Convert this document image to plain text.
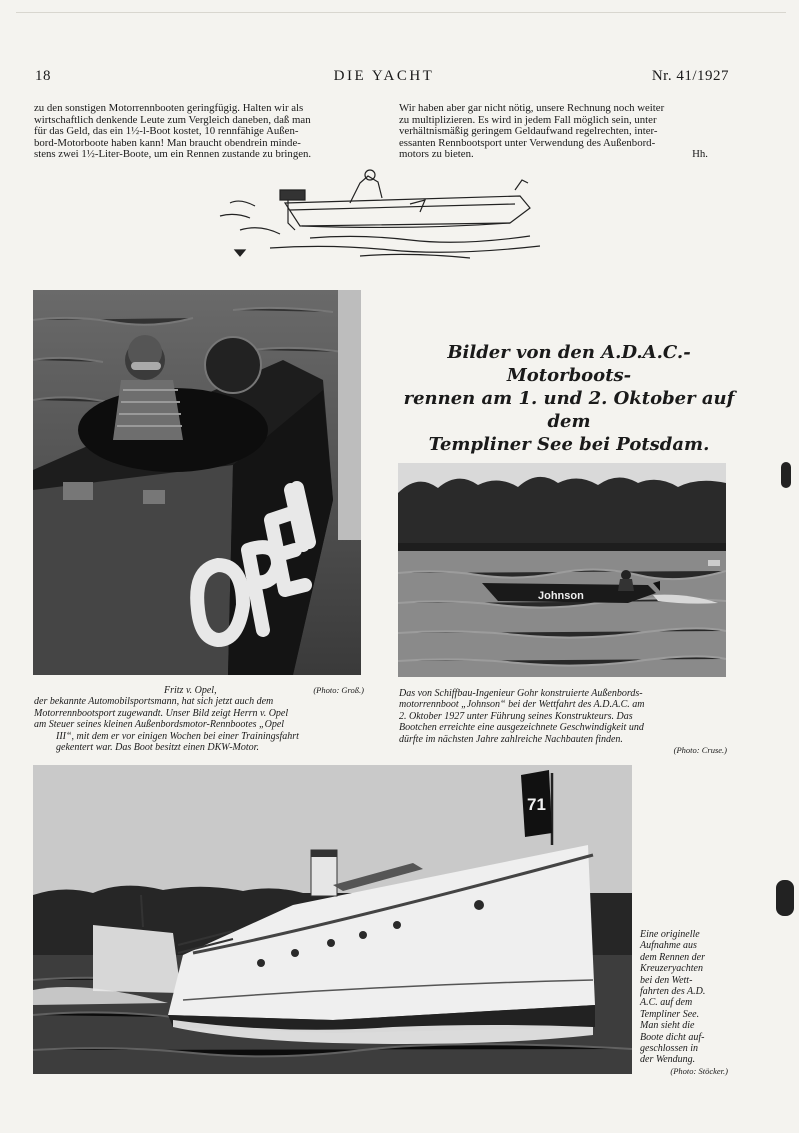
18	DIE YACHT	Nr. 41/1927

zu den sonstigen Motorrennbooten geringfügig. Halten wir als

wirtschaftlich denkende Leute zum Vergleich daneben, daß man

für das Geld, das ein 1½-l-Boot kostet, 10 rennfähige Außen-

bord-Motorboote haben kann! Man braucht obendrein minde-

stens zwei 1½-Liter-Boote, um ein Rennen zustande zu bringen.

Wir haben aber gar nicht nötig, unsere Rechnung noch weiter

zu multiplizieren. Es wird in jedem Fall möglich sein, unter

verhältnismäßig geringem Geldaufwand regelrechten, inter-

essanten Rennbootsport unter Verwendung des Außenbord-

motors zu bieten.	Hh.

Bilder von den A.D.A.C.-Motorboots-
rennen am 1. und 2. Oktober auf dem
Templiner See bei Potsdam.
Johnson
Fritz v. Opel,	(Photo: Groß.)
der bekannte Automobilsportsmann, hat sich jetzt auch dem
Motorrennbootsport zugewandt. Unser Bild zeigt Herrn v. Opel
am Steuer seines kleinen Außenbordsmotor-Rennbootes „Opel
III“, mit dem er vor einigen Wochen bei einer Trainingsfahrt
gekentert war. Das Boot besitzt einen DKW-Motor.
Das von Schiffbau-Ingenieur Gohr konstruierte Außenbords-
motorrennboot „Johnson“ bei der Wettfahrt des A.D.A.C. am
2. Oktober 1927 unter Führung seines Konstrukteurs. Das
Bootchen erreichte eine ausgezeichnete Geschwindigkeit und
dürfte im nächsten Jahre zahlreiche Nachbauten finden.
(Photo: Cruse.)
71
Eine originelle
Aufnahme aus
dem Rennen der
Kreuzeryachten
bei den Wett-
fahrten des A.D.
A.C. auf dem
Templiner See.
Man sieht die
Boote dicht auf-
geschlossen in
der Wendung.
(Photo: Stöcker.)
